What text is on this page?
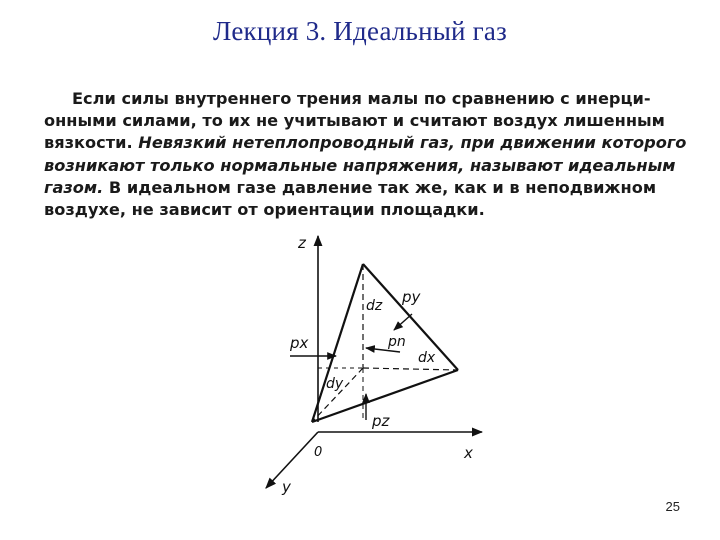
Лекция 3. Идеальный газ
Если силы внутреннего трения малы по сравнению с инерци-
онными силами, то их не учитывают и считают воздух лишенным
вязкости. Невязкий нетеплопроводный газ, при движении которого
возникают только нормальные напряжения, называют идеальным
газом. В идеальном газе давление так же, как и в неподвижном
воздухе, не зависит от ориентации площадки.
z
x
y
0
dz
dx
dy
px
py
pz
pn
25
